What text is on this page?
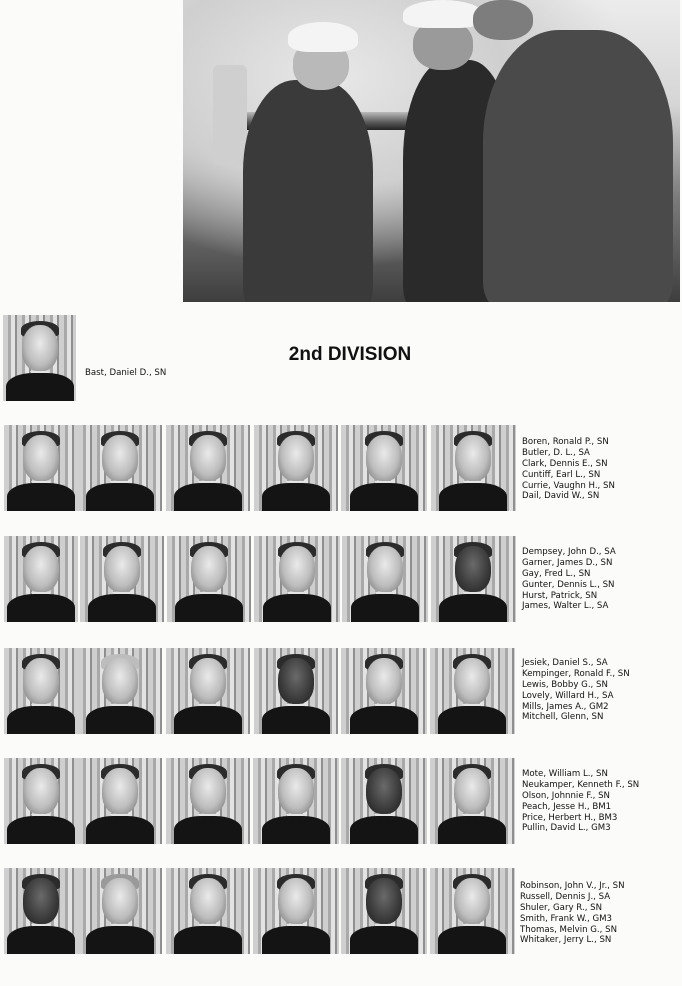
2nd DIVISION
Bast, Daniel D., SN
Boren, Ronald P., SN
Butler, D. L., SA
Clark, Dennis E., SN
Cuntiff, Earl L., SN
Currie, Vaughn H., SN
Dail, David W., SN
Dempsey, John D., SA
Garner, James D., SN
Gay, Fred L., SN
Gunter, Dennis L., SN
Hurst, Patrick, SN
James, Walter L., SA
Jesiek, Daniel S., SA
Kempinger, Ronald F., SN
Lewis, Bobby G., SN
Lovely, Willard H., SA
Mills, James A., GM2
Mitchell, Glenn, SN
Mote, William L., SN
Neukamper, Kenneth F., SN
Olson, Johnnie F., SN
Peach, Jesse H., BM1
Price, Herbert H., BM3
Pullin, David L., GM3
Robinson, John V., Jr., SN
Russell, Dennis J., SA
Shuler, Gary R., SN
Smith, Frank W., GM3
Thomas, Melvin G., SN
Whitaker, Jerry L., SN
